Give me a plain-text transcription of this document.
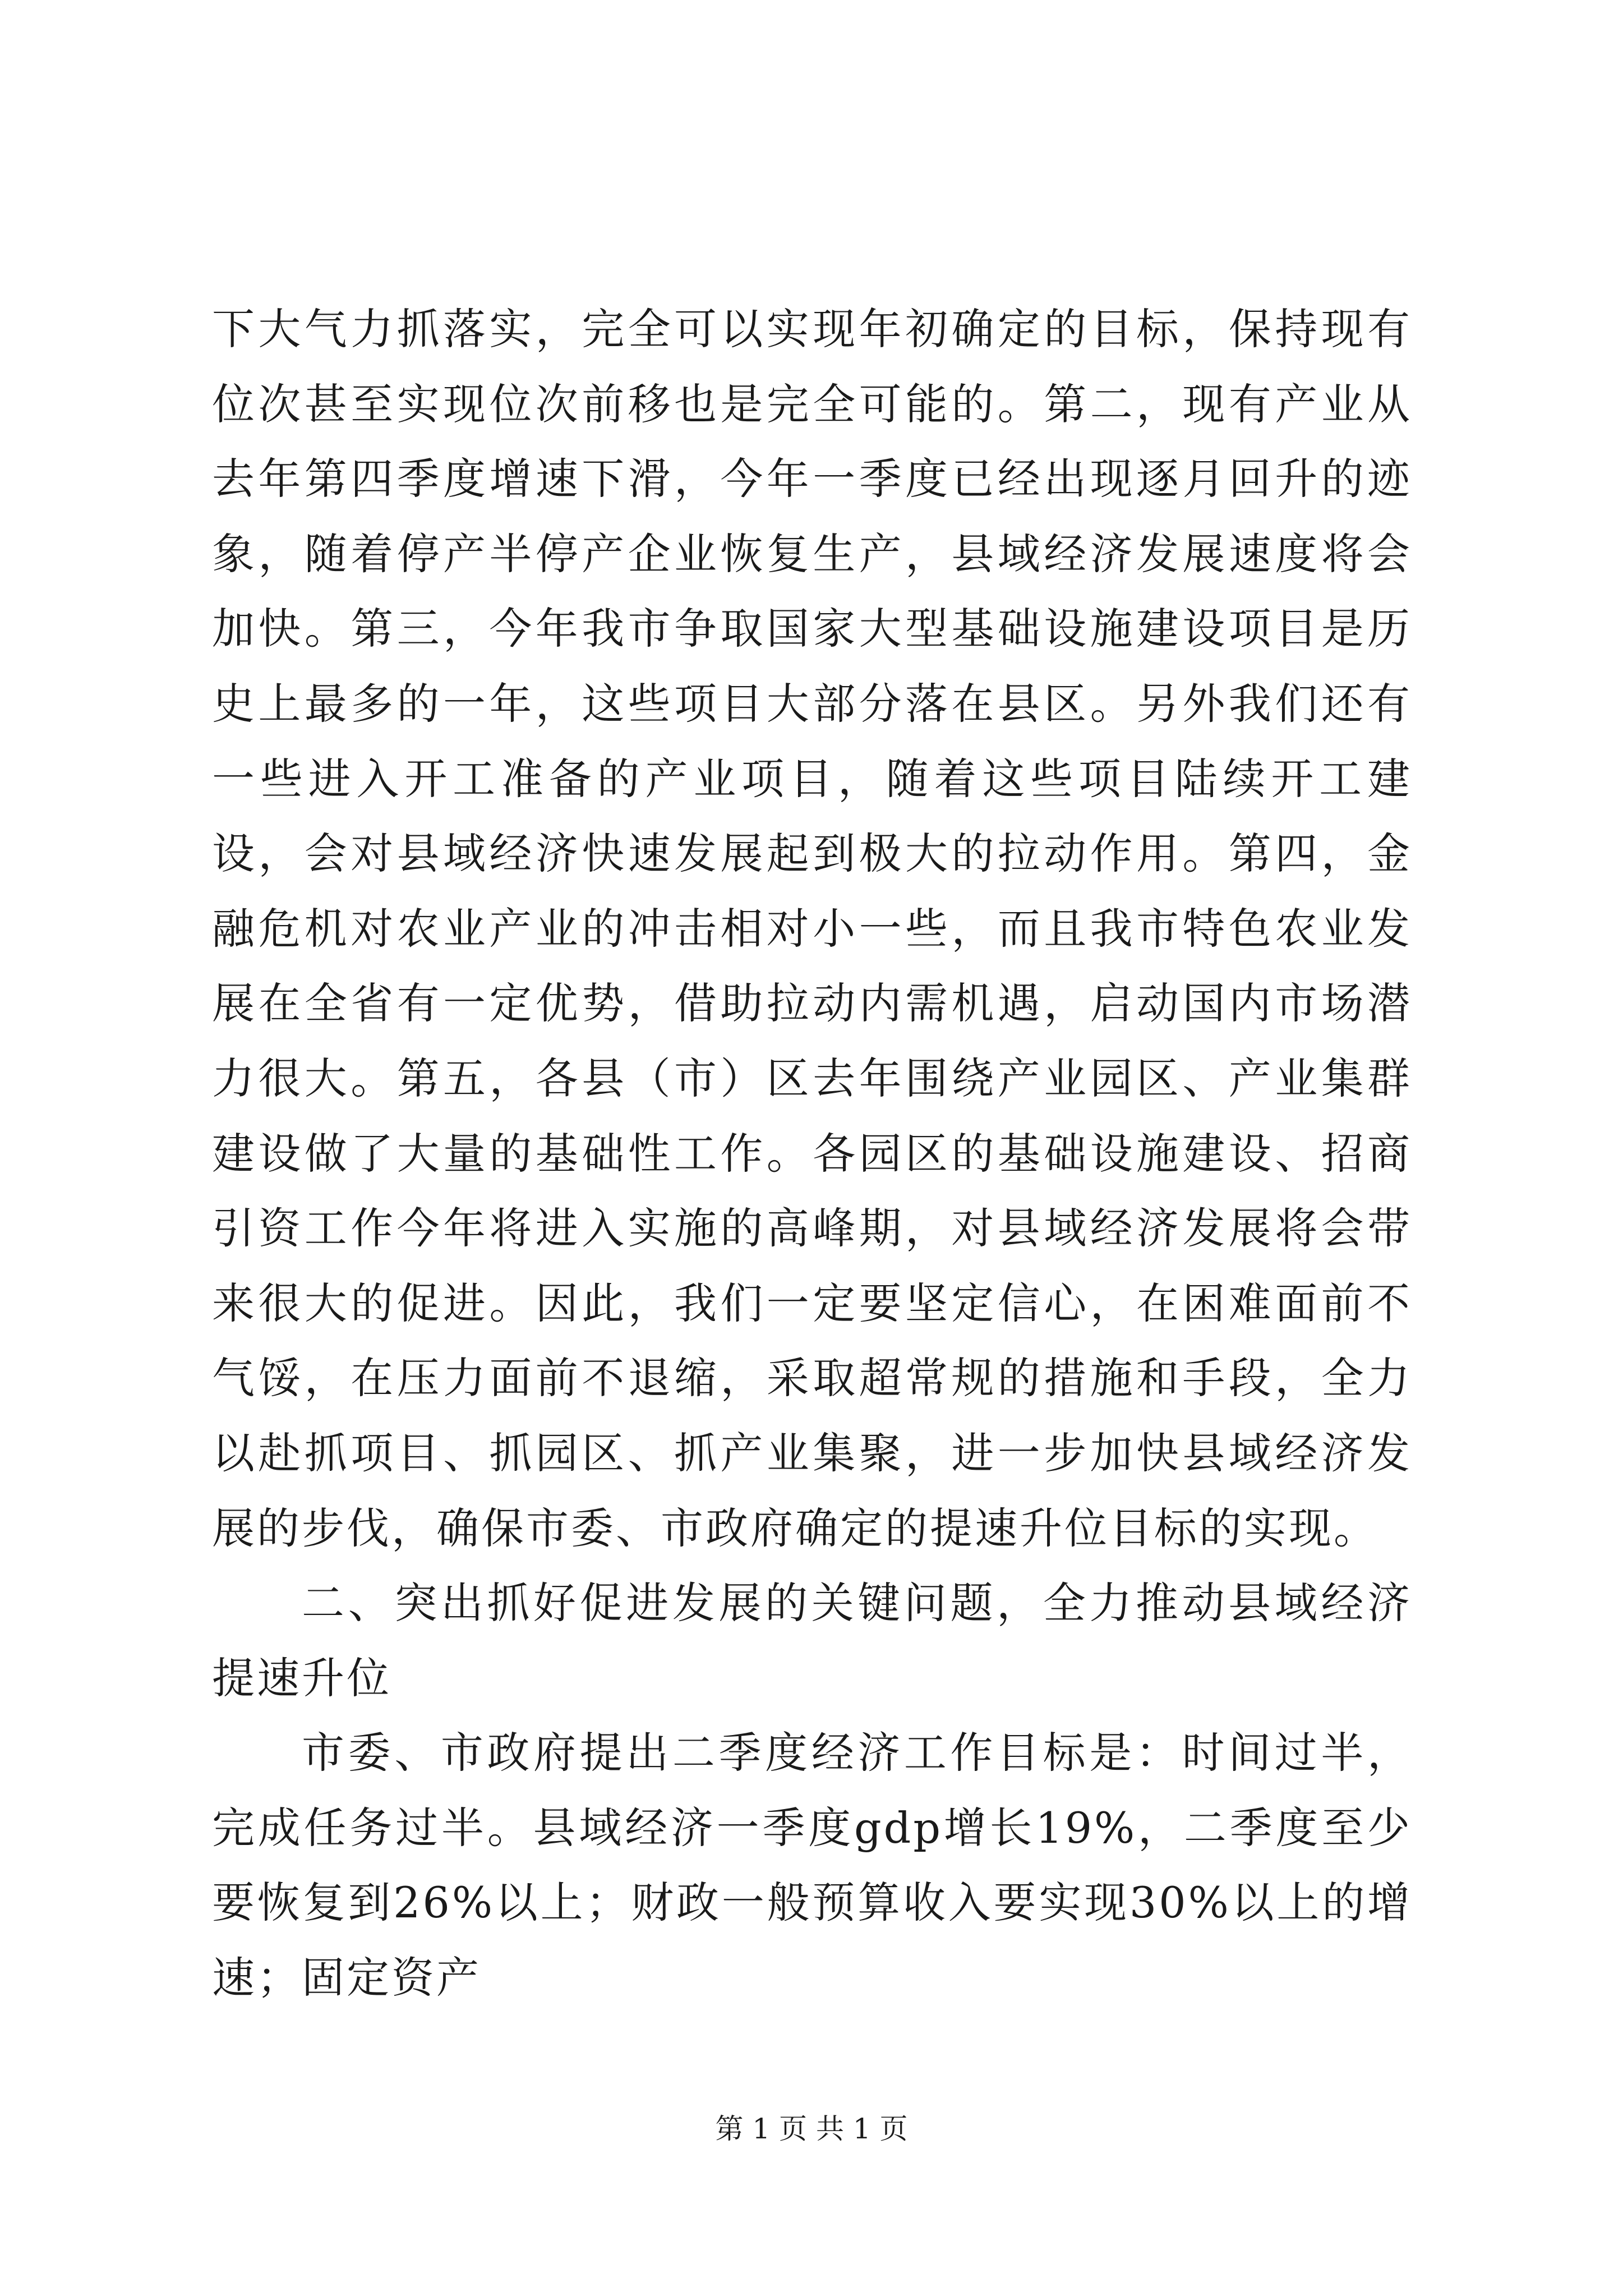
下大气力抓落实，完全可以实现年初确定的目标，保持现有位次甚至实现位次前移也是完全可能的。第二，现有产业从去年第四季度增速下滑，今年一季度已经出现逐月回升的迹象，随着停产半停产企业恢复生产，县域经济发展速度将会加快。第三，今年我市争取国家大型基础设施建设项目是历史上最多的一年，这些项目大部分落在县区。另外我们还有一些进入开工准备的产业项目，随着这些项目陆续开工建设，会对县域经济快速发展起到极大的拉动作用。第四，金融危机对农业产业的冲击相对小一些，而且我市特色农业发展在全省有一定优势，借助拉动内需机遇，启动国内市场潜力很大。第五，各县（市）区去年围绕产业园区、产业集群建设做了大量的基础性工作。各园区的基础设施建设、招商引资工作今年将进入实施的高峰期，对县域经济发展将会带来很大的促进。因此，我们一定要坚定信心，在困难面前不气馁，在压力面前不退缩，采取超常规的措施和手段，全力以赴抓项目、抓园区、抓产业集聚，进一步加快县域经济发展的步伐，确保市委、市政府确定的提速升位目标的实现。

二、突出抓好促进发展的关键问题，全力推动县域经济提速升位

市委、市政府提出二季度经济工作目标是：时间过半，完成任务过半。县域经济一季度gdp增长19%，二季度至少要恢复到26%以上；财政一般预算收入要实现30%以上的增速；固定资产

第 1 页 共 1 页
